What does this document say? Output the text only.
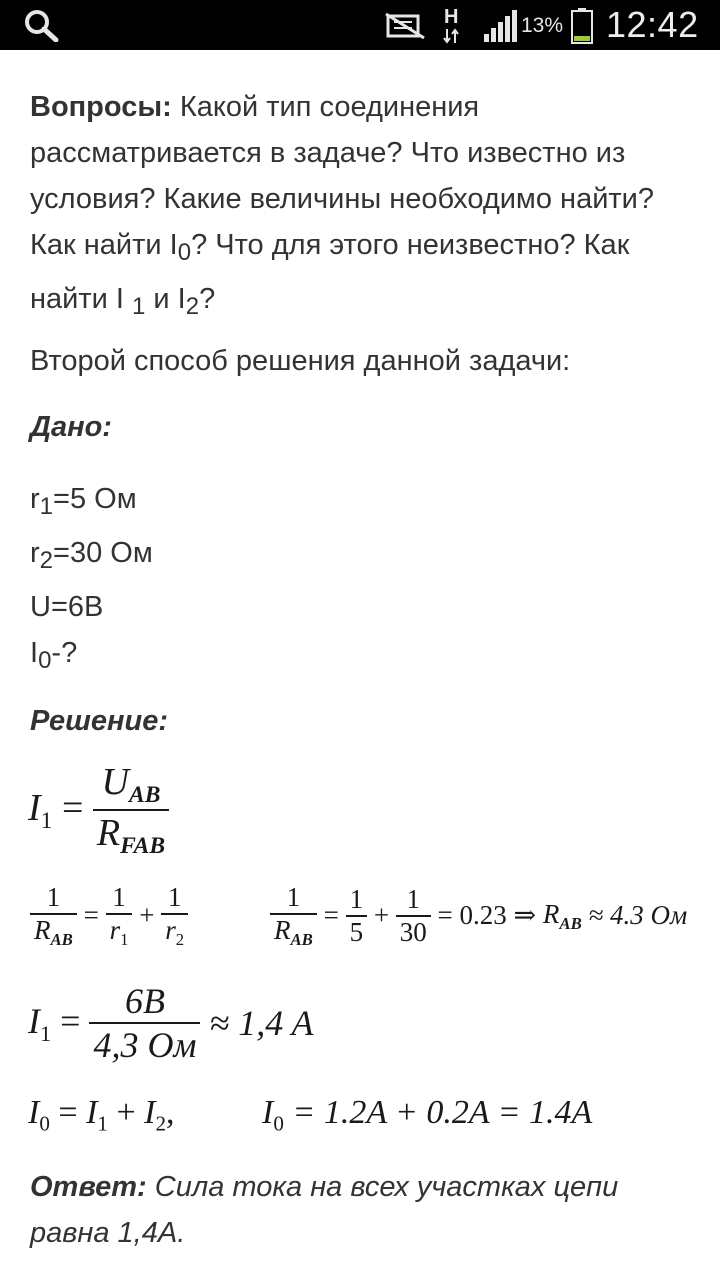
H	13% 12:42

Вопросы: Какой тип соединения рассматривается в задаче? Что известно из условия? Какие величины необходимо найти? Как найти $I_0$? Что для этого неизвестно? Как найти I $_1$ и $I_2$?

Второй способ решения данной задачи:

Дано:

$r_1=5$ Ом
$r_2=30$ Ом
U=6В

$I_0-$?

Решение:

Ответ: Сила тока на всех участках цепи равна 1,4А.

$I_1 = \frac{U_{AB}}{R_{FAB}}$
$\frac{1}{R_{AB}} = \frac{1}{r_1} + \frac{1}{r_2}$	$\frac{1}{R_{AB}} = \frac{1}{5} + \frac{1}{30} = 0.23$ ⇒ $R_{AB} \approx 4.3$ Ом
$I_1 = \frac{6B}{4,3 Ом} \approx 1,4$ A
$I_0 = I_1 + I_2$,	$I_0 = 1.2A + 0.2A = 1.4A$
